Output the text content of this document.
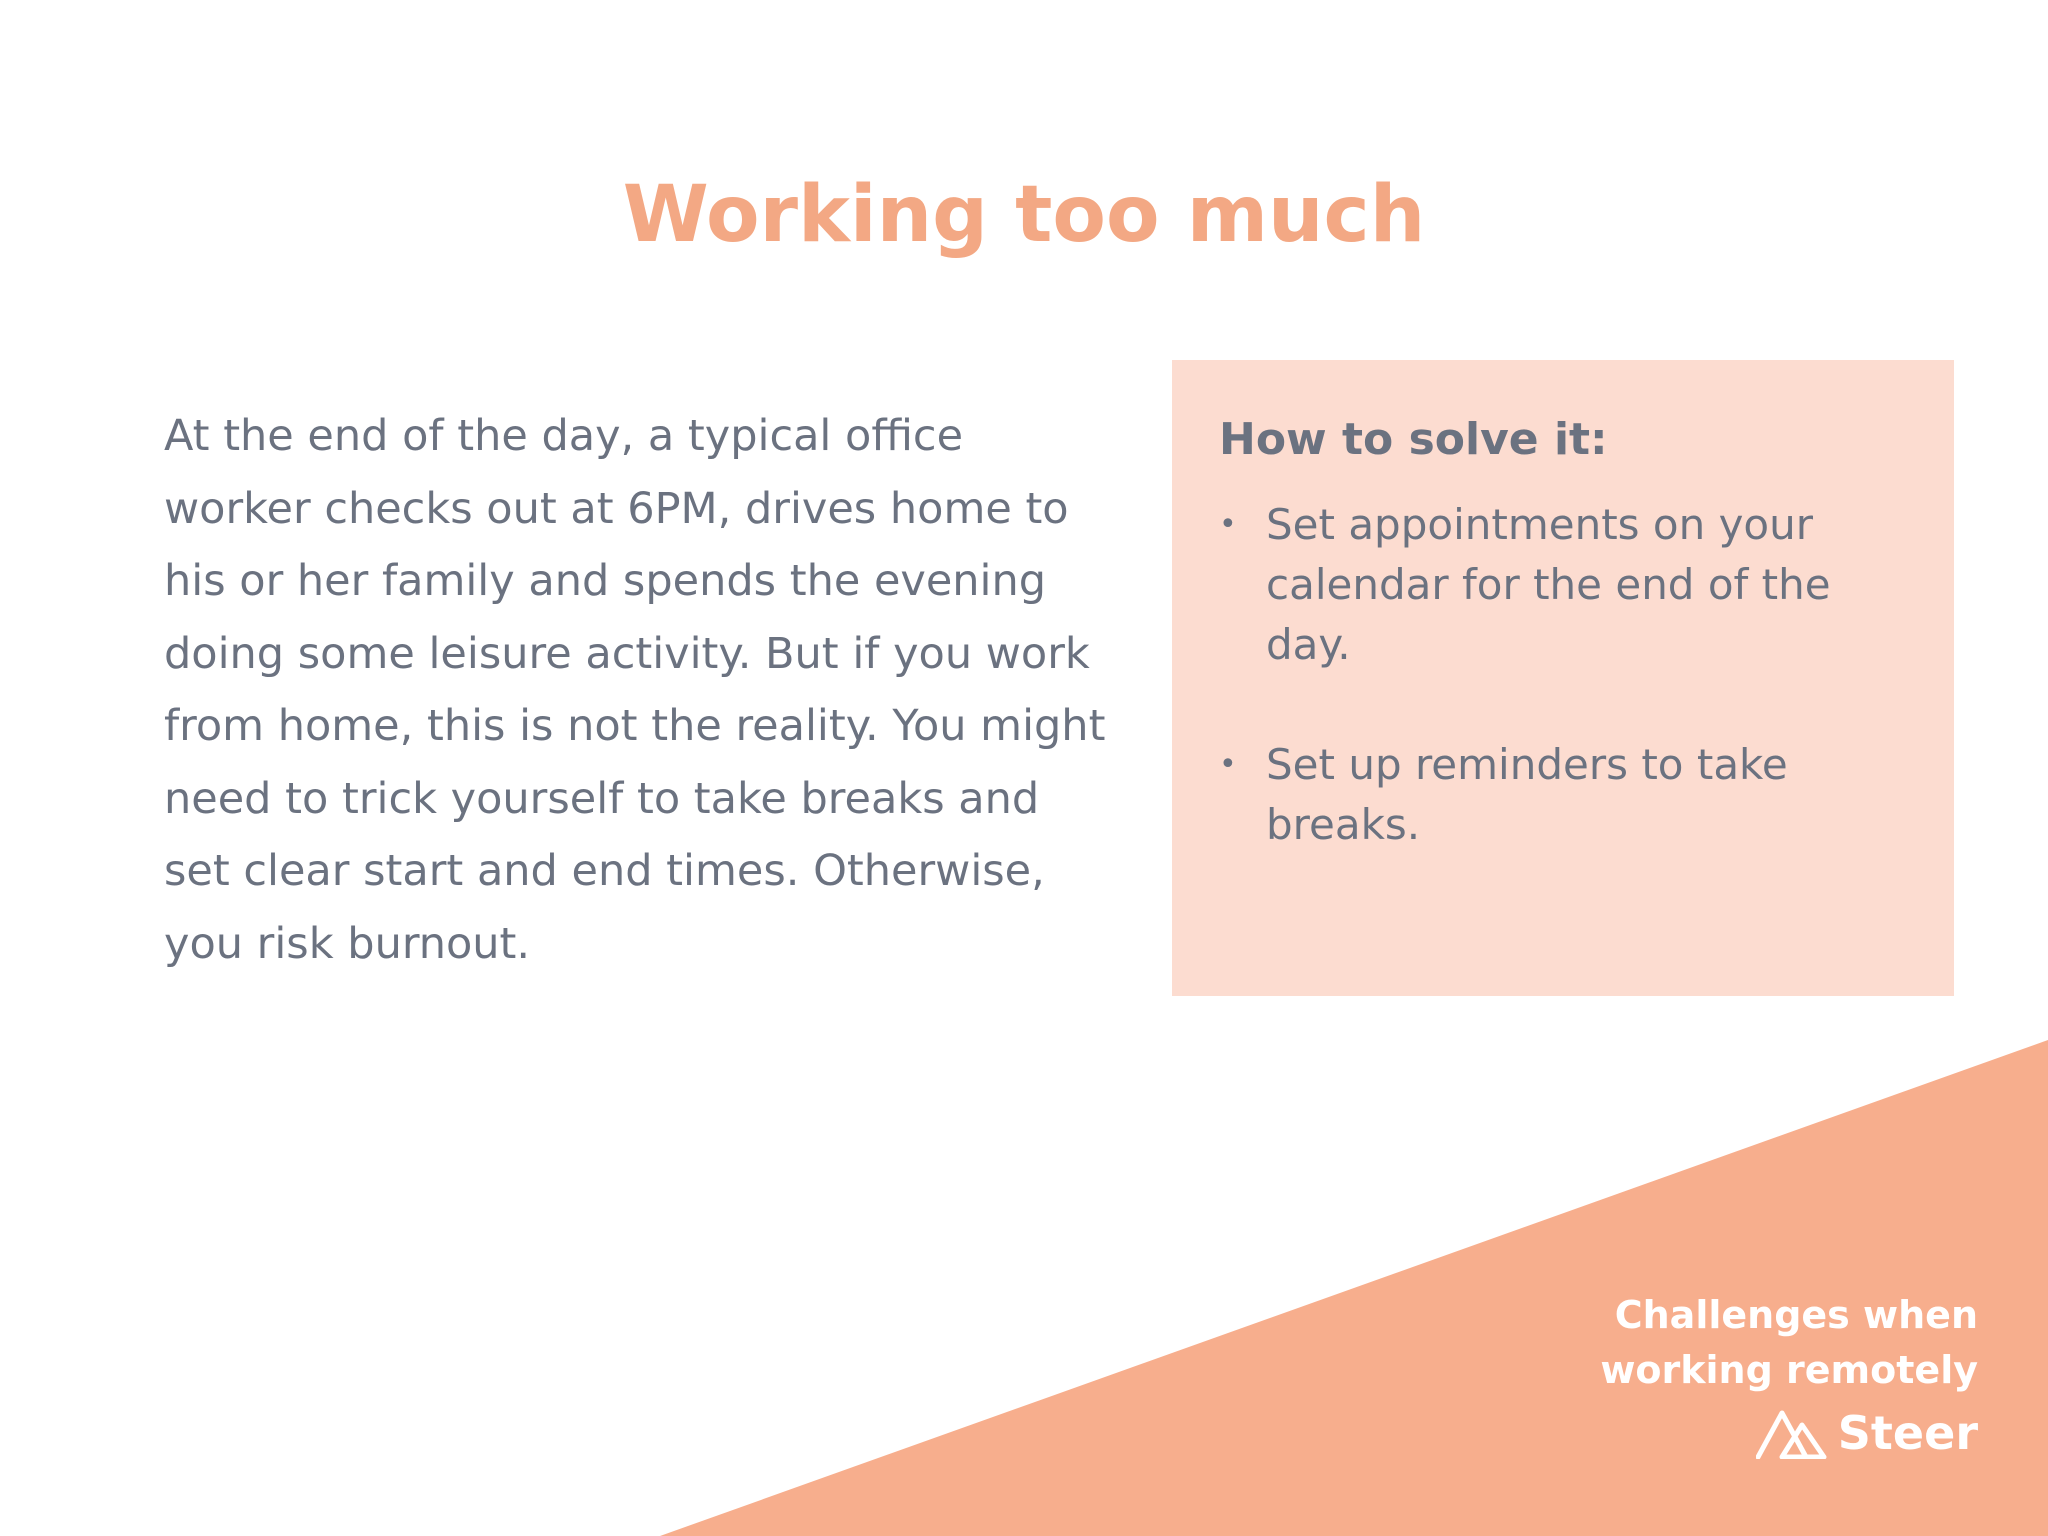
Working too much

At the end of the day, a typical office worker checks out at 6PM, drives home to his or her family and spends the evening doing some leisure activity. But if you work from home, this is not the reality. You might need to trick yourself to take breaks and set clear start and end times. Otherwise, you risk burnout.

How to solve it:
• Set appointments on your calendar for the end of the day.
• Set up reminders to take breaks.
Challenges when
working remotely
Steer
